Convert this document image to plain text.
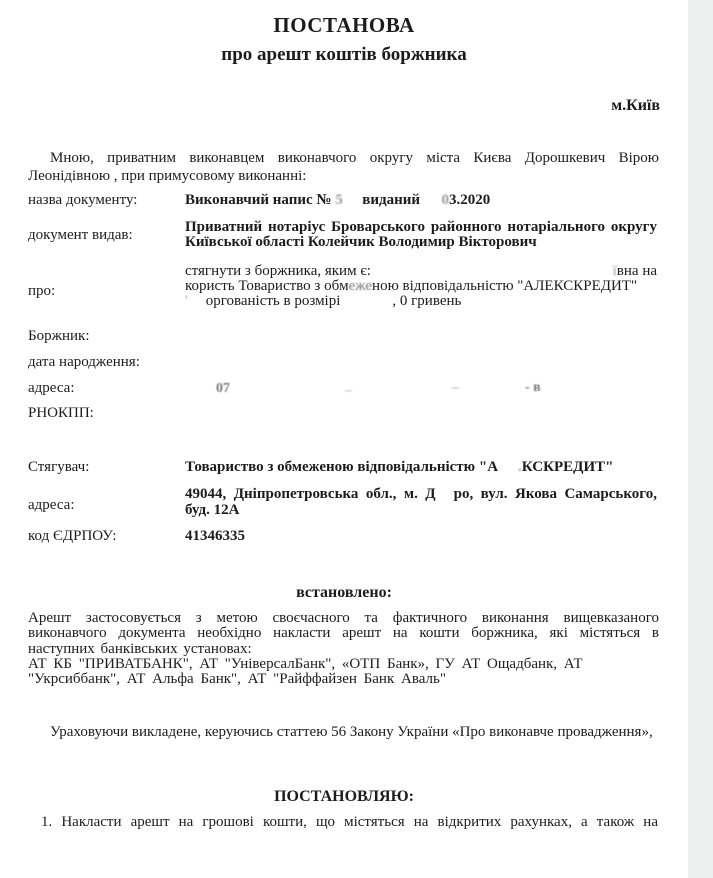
ПОСТАНОВА
про арешт коштів боржника
м.Київ
Мною, приватним виконавцем виконавчого округу міста Києва Дорошкевич Вірою Леонідівною , при примусовому виконанні:
назва документу:	Виконавчий напис № 5 виданий 03.2020
документ видав:	Приватний нотаріус Броварського районного нотаріального округу Київської області Колейчик Володимир Вікторович
про:
стягнути з боржника, яким є:	ївна на
користь Товариство з обмеженою відповідальністю "АЛЕКСКРЕДИТ"
' оргованість в розмірі	, 0 гривень
Боржник:
дата народження:
адреса:	07	–	–	- в
РНОКПП:
Стягувач:	Товариство з обмеженою відповідальністю "А .КСКРЕДИТ"
адреса:
49044, Дніпропетровська обл., м. Д ро, вул. Якова Самарського, буд. 12А
код ЄДРПОУ:	41346335
встановлено:
Арешт застосовується з метою своєчасного та фактичного виконання вищевказаного виконавчого документа необхідно накласти арешт на кошти боржника, які містяться в наступних банківських установах:
АТ КБ "ПРИВАТБАНК", АТ "УніверсалБанк", «ОТП Банк», ГУ АТ Ощадбанк, АТ "Укрсиббанк", АТ Альфа Банк", АТ "Райффайзен Банк Аваль"
Ураховуючи викладене, керуючись статтею 56 Закону України «Про виконавче провадження»,
ПОСТАНОВЛЯЮ:
1. Накласти арешт на грошові кошти, що містяться на відкритих рахунках, а також на
